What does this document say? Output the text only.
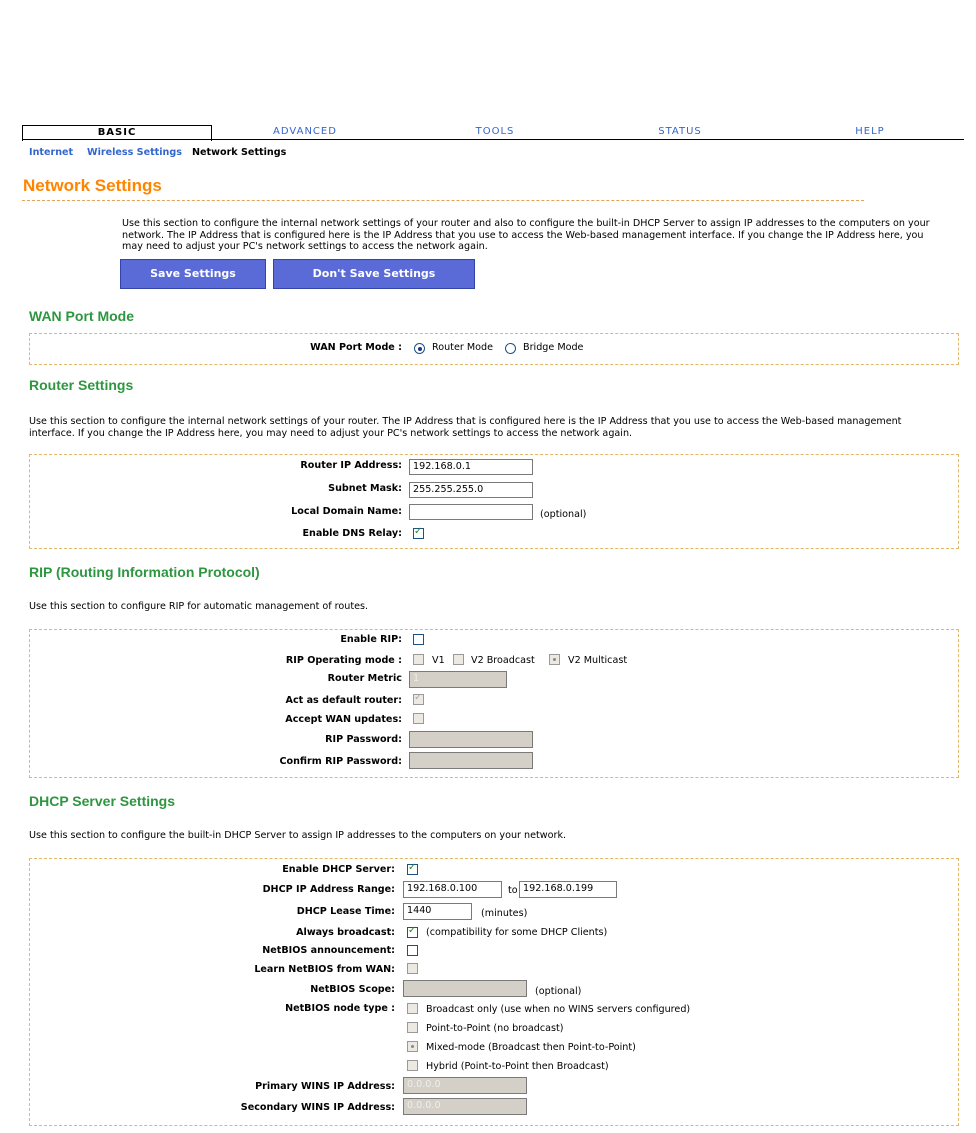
BASIC	ADVANCED	TOOLS	STATUS	HELP
Internet Wireless Settings Network Settings
Network Settings
Use this section to configure the internal network settings of your router and also to configure the built-in DHCP Server to assign IP addresses to the computers on your network. The IP Address that is configured here is the IP Address that you use to access the Web-based management interface. If you change the IP Address here, you may need to adjust your PC's network settings to access the network again.
Save Settings	Don't Save Settings
WAN Port Mode
WAN Port Mode :	Router Mode	Bridge Mode
Router Settings
Use this section to configure the internal network settings of your router. The IP Address that is configured here is the IP Address that you use to access the Web-based management interface. If you change the IP Address here, you may need to adjust your PC's network settings to access the network again.
Router IP Address:	192.168.0.1
Subnet Mask:	255.255.255.0
Local Domain Name:	(optional)
Enable DNS Relay: ✓
RIP (Routing Information Protocol)
Use this section to configure RIP for automatic management of routes.
Enable RIP:
RIP Operating mode :	V1	V2 Broadcast	V2 Multicast
Router Metric	1
Act as default router: ✓
Accept WAN updates:
RIP Password:
Confirm RIP Password:
DHCP Server Settings
Use this section to configure the built-in DHCP Server to assign IP addresses to the computers on your network.
Enable DHCP Server: ✓
DHCP IP Address Range:	192.168.0.100	to 192.168.0.199
DHCP Lease Time:	1440	(minutes)
Always broadcast: ✓ (compatibility for some DHCP Clients)
NetBIOS announcement:
Learn NetBIOS from WAN:
NetBIOS Scope:	(optional)
NetBIOS node type :	Broadcast only (use when no WINS servers configured)
Point-to-Point (no broadcast)
Mixed-mode (Broadcast then Point-to-Point)
Hybrid (Point-to-Point then Broadcast)
Primary WINS IP Address:	0.0.0.0
Secondary WINS IP Address:	0.0.0.0
